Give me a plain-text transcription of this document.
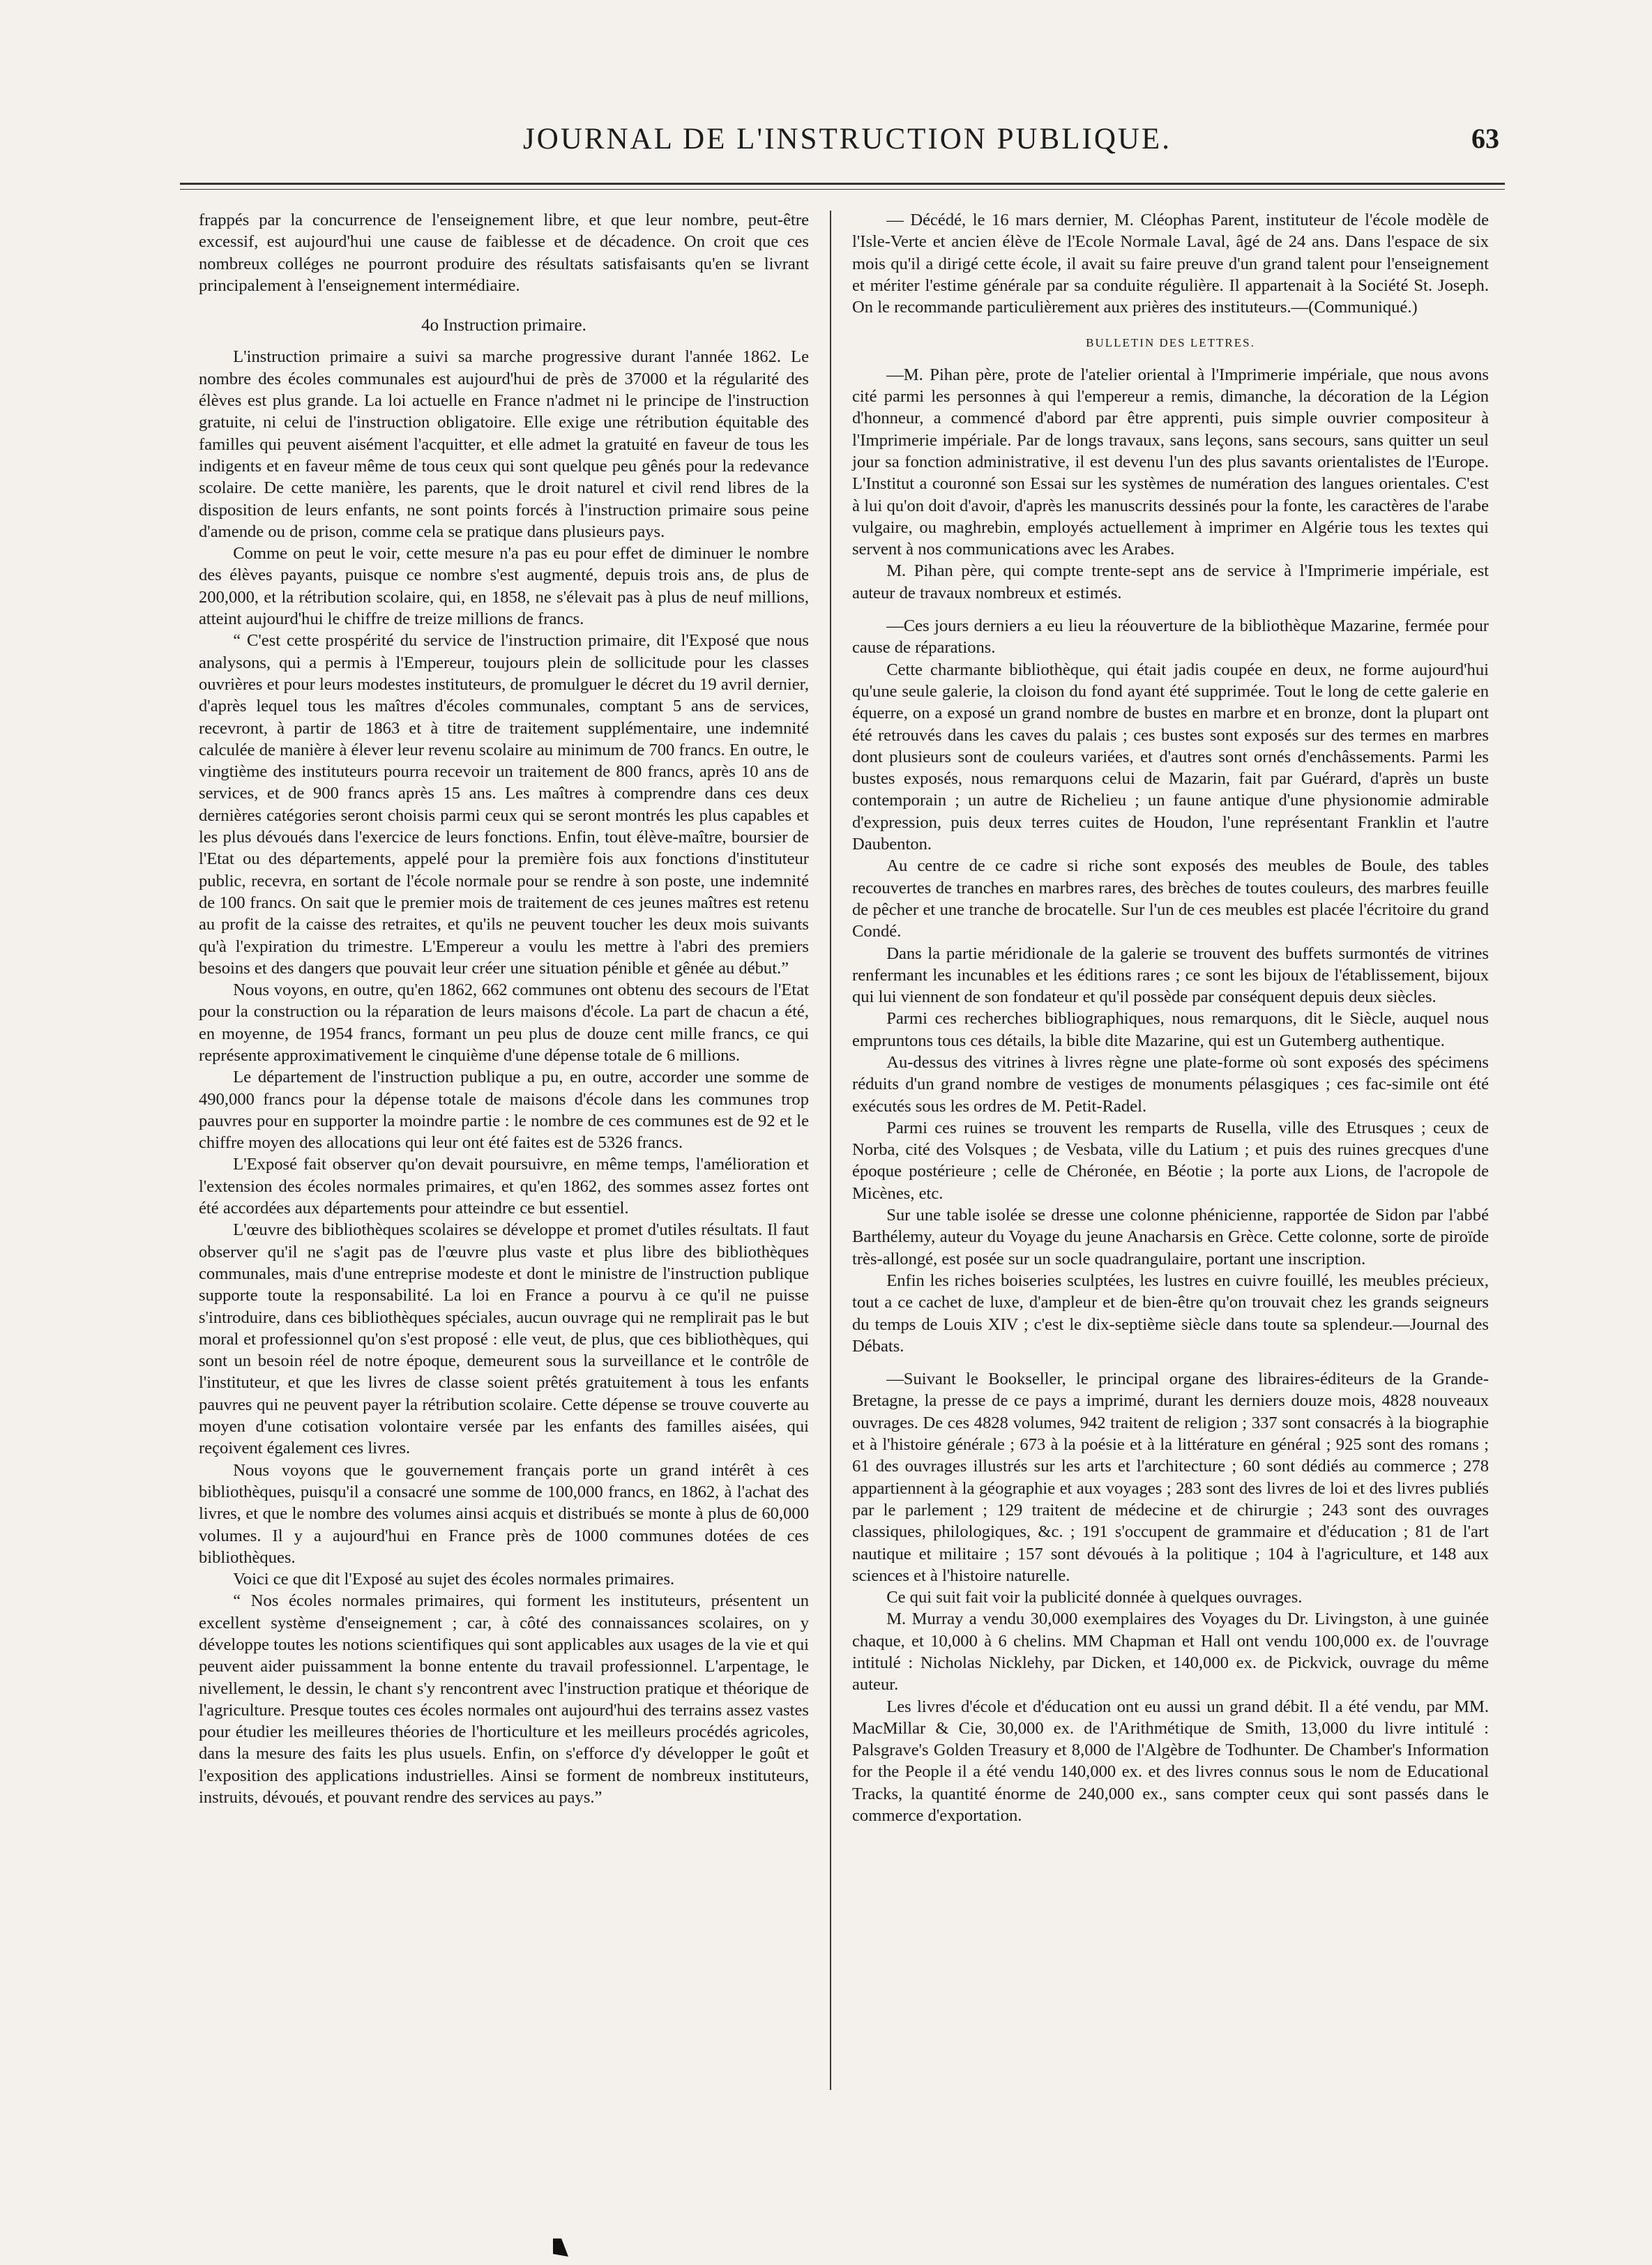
JOURNAL DE L'INSTRUCTION PUBLIQUE.	63

frappés par la concurrence de l'enseignement libre, et que leur nombre, peut-être excessif, est aujourd'hui une cause de faiblesse et de décadence. On croit que ces nombreux colléges ne pourront produire des résultats satisfaisants qu'en se livrant principalement à l'enseignement intermédiaire.

4o Instruction primaire.

L'instruction primaire a suivi sa marche progressive durant l'année 1862. Le nombre des écoles communales est aujourd'hui de près de 37000 et la régularité des élèves est plus grande. La loi actuelle en France n'admet ni le principe de l'instruction gratuite, ni celui de l'instruction obligatoire. Elle exige une rétribution équitable des familles qui peuvent aisément l'acquitter, et elle admet la gratuité en faveur de tous les indigents et en faveur même de tous ceux qui sont quelque peu gênés pour la redevance scolaire. De cette manière, les parents, que le droit naturel et civil rend libres de la disposition de leurs enfants, ne sont points forcés à l'instruction primaire sous peine d'amende ou de prison, comme cela se pratique dans plusieurs pays.

Comme on peut le voir, cette mesure n'a pas eu pour effet de diminuer le nombre des élèves payants, puisque ce nombre s'est augmenté, depuis trois ans, de plus de 200,000, et la rétribution scolaire, qui, en 1858, ne s'élevait pas à plus de neuf millions, atteint aujourd'hui le chiffre de treize millions de francs.

“ C'est cette prospérité du service de l'instruction primaire, dit l'Exposé que nous analysons, qui a permis à l'Empereur, toujours plein de sollicitude pour les classes ouvrières et pour leurs modestes instituteurs, de promulguer le décret du 19 avril dernier, d'après lequel tous les maîtres d'écoles communales, comptant 5 ans de services, recevront, à partir de 1863 et à titre de traitement supplémentaire, une indemnité calculée de manière à élever leur revenu scolaire au minimum de 700 francs. En outre, le vingtième des instituteurs pourra recevoir un traitement de 800 francs, après 10 ans de services, et de 900 francs après 15 ans. Les maîtres à comprendre dans ces deux dernières catégories seront choisis parmi ceux qui se seront montrés les plus capables et les plus dévoués dans l'exercice de leurs fonctions. Enfin, tout élève-maître, boursier de l'Etat ou des départements, appelé pour la première fois aux fonctions d'instituteur public, recevra, en sortant de l'école normale pour se rendre à son poste, une indemnité de 100 francs. On sait que le premier mois de traitement de ces jeunes maîtres est retenu au profit de la caisse des retraites, et qu'ils ne peuvent toucher les deux mois suivants qu'à l'expiration du trimestre. L'Empereur a voulu les mettre à l'abri des premiers besoins et des dangers que pouvait leur créer une situation pénible et gênée au début.”

Nous voyons, en outre, qu'en 1862, 662 communes ont obtenu des secours de l'Etat pour la construction ou la réparation de leurs maisons d'école. La part de chacun a été, en moyenne, de 1954 francs, formant un peu plus de douze cent mille francs, ce qui représente approximativement le cinquième d'une dépense totale de 6 millions.

Le département de l'instruction publique a pu, en outre, accorder une somme de 490,000 francs pour la dépense totale de maisons d'école dans les communes trop pauvres pour en supporter la moindre partie : le nombre de ces communes est de 92 et le chiffre moyen des allocations qui leur ont été faites est de 5326 francs.

L'Exposé fait observer qu'on devait poursuivre, en même temps, l'amélioration et l'extension des écoles normales primaires, et qu'en 1862, des sommes assez fortes ont été accordées aux départements pour atteindre ce but essentiel.

L'œuvre des bibliothèques scolaires se développe et promet d'utiles résultats. Il faut observer qu'il ne s'agit pas de l'œuvre plus vaste et plus libre des bibliothèques communales, mais d'une entreprise modeste et dont le ministre de l'instruction publique supporte toute la responsabilité. La loi en France a pourvu à ce qu'il ne puisse s'introduire, dans ces bibliothèques spéciales, aucun ouvrage qui ne remplirait pas le but moral et professionnel qu'on s'est proposé : elle veut, de plus, que ces bibliothèques, qui sont un besoin réel de notre époque, demeurent sous la surveillance et le contrôle de l'instituteur, et que les livres de classe soient prêtés gratuitement à tous les enfants pauvres qui ne peuvent payer la rétribution scolaire. Cette dépense se trouve couverte au moyen d'une cotisation volontaire versée par les enfants des familles aisées, qui reçoivent également ces livres.

Nous voyons que le gouvernement français porte un grand intérêt à ces bibliothèques, puisqu'il a consacré une somme de 100,000 francs, en 1862, à l'achat des livres, et que le nombre des volumes ainsi acquis et distribués se monte à plus de 60,000 volumes. Il y a aujourd'hui en France près de 1000 communes dotées de ces bibliothèques.

Voici ce que dit l'Exposé au sujet des écoles normales primaires.

“ Nos écoles normales primaires, qui forment les instituteurs, présentent un excellent système d'enseignement ; car, à côté des connaissances scolaires, on y développe toutes les notions scientifiques qui sont applicables aux usages de la vie et qui peuvent aider puissamment la bonne entente du travail professionnel. L'arpentage, le nivellement, le dessin, le chant s'y rencontrent avec l'instruction pratique et théorique de l'agriculture. Presque toutes ces écoles normales ont aujourd'hui des terrains assez vastes pour étudier les meilleures théories de l'horticulture et les meilleurs procédés agricoles, dans la mesure des faits les plus usuels. Enfin, on s'efforce d'y développer le goût et l'exposition des applications industrielles. Ainsi se forment de nombreux instituteurs, instruits, dévoués, et pouvant rendre des services au pays.”

— Décédé, le 16 mars dernier, M. Cléophas Parent, instituteur de l'école modèle de l'Isle-Verte et ancien élève de l'Ecole Normale Laval, âgé de 24 ans. Dans l'espace de six mois qu'il a dirigé cette école, il avait su faire preuve d'un grand talent pour l'enseignement et mériter l'estime générale par sa conduite régulière. Il appartenait à la Société St. Joseph. On le recommande particulièrement aux prières des instituteurs.—(Communiqué.)

BULLETIN DES LETTRES.

—M. Pihan père, prote de l'atelier oriental à l'Imprimerie impériale, que nous avons cité parmi les personnes à qui l'empereur a remis, dimanche, la décoration de la Légion d'honneur, a commencé d'abord par être apprenti, puis simple ouvrier compositeur à l'Imprimerie impériale. Par de longs travaux, sans leçons, sans secours, sans quitter un seul jour sa fonction administrative, il est devenu l'un des plus savants orientalistes de l'Europe. L'Institut a couronné son Essai sur les systèmes de numération des langues orientales. C'est à lui qu'on doit d'avoir, d'après les manuscrits dessinés pour la fonte, les caractères de l'arabe vulgaire, ou maghrebin, employés actuellement à imprimer en Algérie tous les textes qui servent à nos communications avec les Arabes.

M. Pihan père, qui compte trente-sept ans de service à l'Imprimerie impériale, est auteur de travaux nombreux et estimés.

—Ces jours derniers a eu lieu la réouverture de la bibliothèque Mazarine, fermée pour cause de réparations.

Cette charmante bibliothèque, qui était jadis coupée en deux, ne forme aujourd'hui qu'une seule galerie, la cloison du fond ayant été supprimée. Tout le long de cette galerie en équerre, on a exposé un grand nombre de bustes en marbre et en bronze, dont la plupart ont été retrouvés dans les caves du palais ; ces bustes sont exposés sur des termes en marbres dont plusieurs sont de couleurs variées, et d'autres sont ornés d'enchâssements. Parmi les bustes exposés, nous remarquons celui de Mazarin, fait par Guérard, d'après un buste contemporain ; un autre de Richelieu ; un faune antique d'une physionomie admirable d'expression, puis deux terres cuites de Houdon, l'une représentant Franklin et l'autre Daubenton.

Au centre de ce cadre si riche sont exposés des meubles de Boule, des tables recouvertes de tranches en marbres rares, des brèches de toutes couleurs, des marbres feuille de pêcher et une tranche de brocatelle. Sur l'un de ces meubles est placée l'écritoire du grand Condé.

Dans la partie méridionale de la galerie se trouvent des buffets surmontés de vitrines renfermant les incunables et les éditions rares ; ce sont les bijoux de l'établissement, bijoux qui lui viennent de son fondateur et qu'il possède par conséquent depuis deux siècles.

Parmi ces recherches bibliographiques, nous remarquons, dit le Siècle, auquel nous empruntons tous ces détails, la bible dite Mazarine, qui est un Gutemberg authentique.

Au-dessus des vitrines à livres règne une plate-forme où sont exposés des spécimens réduits d'un grand nombre de vestiges de monuments pélasgiques ; ces fac-simile ont été exécutés sous les ordres de M. Petit-Radel.

Parmi ces ruines se trouvent les remparts de Rusella, ville des Etrusques ; ceux de Norba, cité des Volsques ; de Vesbata, ville du Latium ; et puis des ruines grecques d'une époque postérieure ; celle de Chéronée, en Béotie ; la porte aux Lions, de l'acropole de Micènes, etc.

Sur une table isolée se dresse une colonne phénicienne, rapportée de Sidon par l'abbé Barthélemy, auteur du Voyage du jeune Anacharsis en Grèce. Cette colonne, sorte de piroïde très-allongé, est posée sur un socle quadrangulaire, portant une inscription.

Enfin les riches boiseries sculptées, les lustres en cuivre fouillé, les meubles précieux, tout a ce cachet de luxe, d'ampleur et de bien-être qu'on trouvait chez les grands seigneurs du temps de Louis XIV ; c'est le dix-septième siècle dans toute sa splendeur.—Journal des Débats.

—Suivant le Bookseller, le principal organe des libraires-éditeurs de la Grande-Bretagne, la presse de ce pays a imprimé, durant les derniers douze mois, 4828 nouveaux ouvrages. De ces 4828 volumes, 942 traitent de religion ; 337 sont consacrés à la biographie et à l'histoire générale ; 673 à la poésie et à la littérature en général ; 925 sont des romans ; 61 des ouvrages illustrés sur les arts et l'architecture ; 60 sont dédiés au commerce ; 278 appartiennent à la géographie et aux voyages ; 283 sont des livres de loi et des livres publiés par le parlement ; 129 traitent de médecine et de chirurgie ; 243 sont des ouvrages classiques, philologiques, &c. ; 191 s'occupent de grammaire et d'éducation ; 81 de l'art nautique et militaire ; 157 sont dévoués à la politique ; 104 à l'agriculture, et 148 aux sciences et à l'histoire naturelle.

Ce qui suit fait voir la publicité donnée à quelques ouvrages.

M. Murray a vendu 30,000 exemplaires des Voyages du Dr. Livingston, à une guinée chaque, et 10,000 à 6 chelins. MM Chapman et Hall ont vendu 100,000 ex. de l'ouvrage intitulé : Nicholas Nicklehy, par Dicken, et 140,000 ex. de Pickvick, ouvrage du même auteur.

Les livres d'école et d'éducation ont eu aussi un grand débit. Il a été vendu, par MM. MacMillar & Cie, 30,000 ex. de l'Arithmétique de Smith, 13,000 du livre intitulé : Palsgrave's Golden Treasury et 8,000 de l'Algèbre de Todhunter. De Chamber's Information for the People il a été vendu 140,000 ex. et des livres connus sous le nom de Educational Tracks, la quantité énorme de 240,000 ex., sans compter ceux qui sont passés dans le commerce d'exportation.
